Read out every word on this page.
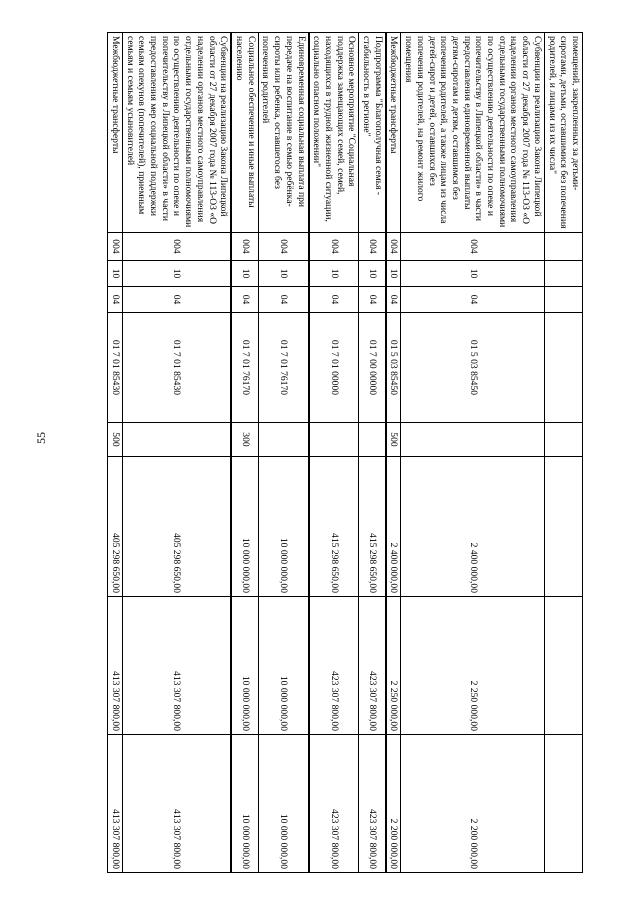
55
помещений, закрепленных за детьми-сиротами, детьми, оставшимися без попечения родителей, и лицами из их числа"								
Субвенции на реализацию Закона Липецкой области от 27 декабря 2007 года № 113-ОЗ «О наделении органов местного самоуправления отдельными государственными полномочиями по осуществлению деятельности по опеке и попечительству в Липецкой области» в части предоставления единовременной выплаты детям-сиротам и детям, оставшимся без попечения родителей, а также лицам из числа детей-сирот и детей, оставшихся без попечения родителей, на ремонт жилого помещения	004	10	04	01 5 03 85450		2 400 000,00	2 250 000,00	2 200 000,00
Межбюджетные трансферты	004	10	04	01 5 03 85450	500	2 400 000,00	2 250 000,00	2 200 000,00
Подпрограмма "Благополучная семья - стабильность в регионе"	004	10	04	01 7 00 00000		415 298 650,00	423 307 800,00	423 307 800,00
Основное мероприятие "Социальная поддержка замещающих семей, семей, находящихся в трудной жизненной ситуации, социально опасном положении"	004	10	04	01 7 01 00000		415 298 650,00	423 307 800,00	423 307 800,00
Единовременная социальная выплата при передаче на воспитание в семью ребёнка-сироты или ребенка, оставшегося без попечения родителей	004	10	04	01 7 01 76170		10 000 000,00	10 000 000,00	10 000 000,00
Социальное обеспечение и иные выплаты населению	004	10	04	01 7 01 76170	300	10 000 000,00	10 000 000,00	10 000 000,00
Субвенции на реализацию Закона Липецкой области от 27 декабря 2007 года № 113-ОЗ «О наделении органов местного самоуправления отдельными государственными полномочиями по осуществлению деятельности по опеке и попечительству в Липецкой области» в части предоставления мер социальной поддержки семьям опекунов (попечителей), приемным семьям и семьям усыновителей	004	10	04	01 7 01 85430		405 298 650,00	413 307 800,00	413 307 800,00
Межбюджетные трансферты	004	10	04	01 7 01 85430	500	405 298 650,00	413 307 800,00	413 307 800,00
